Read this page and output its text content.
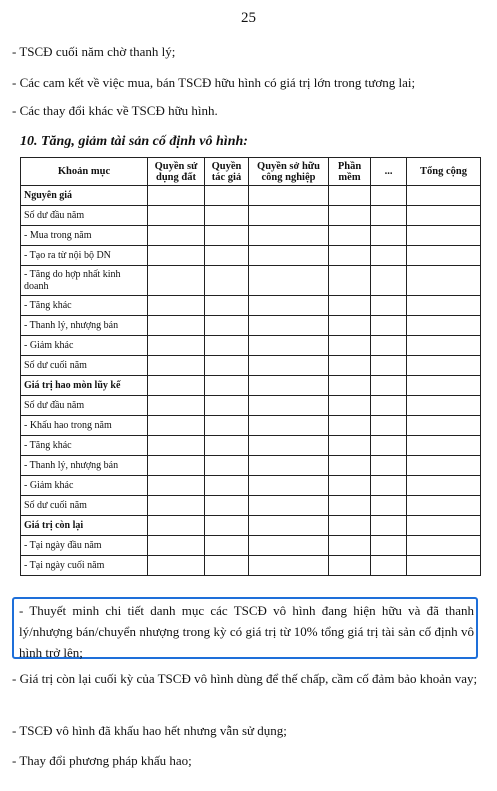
25
- TSCĐ cuối năm chờ thanh lý;
- Các cam kết về việc mua, bán TSCĐ hữu hình có giá trị lớn trong tương lai;
- Các thay đổi khác về TSCĐ hữu hình.
10. Tăng, giảm tài sản cố định vô hình:
Khoản mục	Quyền sử dụng đất	Quyền tác giả	Quyền sở hữu công nghiệp	Phần mềm	...	Tổng cộng
Nguyên giá						
Số dư đầu năm						
- Mua trong năm						
- Tạo ra từ nội bộ DN						
- Tăng do hợp nhất kinh doanh						
- Tăng khác						
- Thanh lý, nhượng bán						
- Giảm khác						
Số dư cuối năm						
Giá trị hao mòn lũy kế						
Số dư đầu năm						
- Khấu hao trong năm						
- Tăng khác						
- Thanh lý, nhượng bán						
- Giảm khác						
Số dư cuối năm						
Giá trị còn lại						
- Tại ngày đầu năm						
- Tại ngày cuối năm						
- Thuyết minh chi tiết danh mục các TSCĐ vô hình đang hiện hữu và đã thanh lý/nhượng bán/chuyển nhượng trong kỳ có giá trị từ 10% tổng giá trị tài sản cố định vô hình trở lên;
- Giá trị còn lại cuối kỳ của TSCĐ vô hình dùng để thế chấp, cầm cố đảm bảo khoản vay;
- TSCĐ vô hình đã khấu hao hết nhưng vẫn sử dụng;
- Thay đổi phương pháp khấu hao;
